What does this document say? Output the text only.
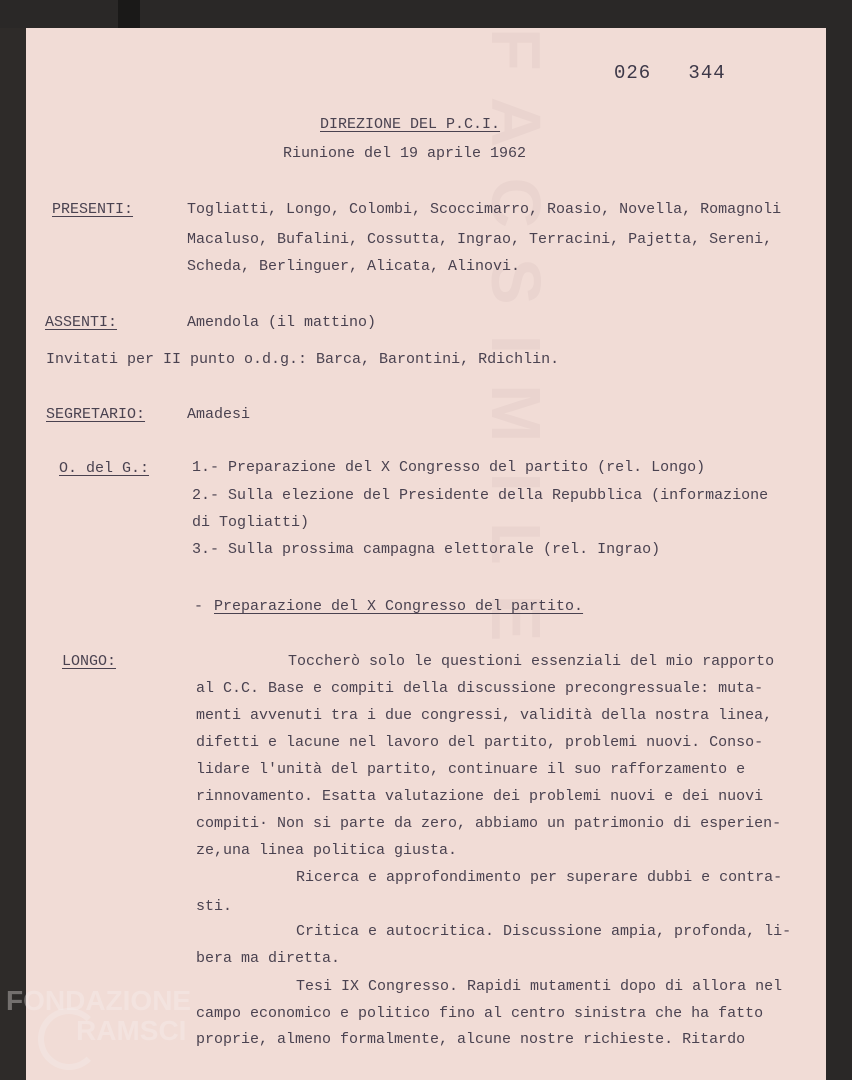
FACSIMILE	026   344
DIREZIONE DEL P.C.I.
Riunione del 19 aprile 1962
PRESENTI:	Togliatti, Longo, Colombi, Scoccimarro, Roasio, Novella, Romagnoli
Macaluso, Bufalini, Cossutta, Ingrao, Terracini, Pajetta, Sereni,
Scheda, Berlinguer, Alicata, Alinovi.
ASSENTI:	Amendola (il mattino)
Invitati per II punto o.d.g.: Barca, Barontini, Rdichlin.
SEGRETARIO:	Amadesi
O. del G.:	1.- Preparazione del X Congresso del partito (rel. Longo)
2.- Sulla elezione del Presidente della Repubblica (informazione
di Togliatti)
3.- Sulla prossima campagna elettorale (rel. Ingrao)
- Preparazione del X Congresso del partito.
LONGO:	Toccherò solo le questioni essenziali del mio rapporto
al C.C. Base e compiti della discussione precongressuale: muta-
menti avvenuti tra i due congressi, validità della nostra linea,
difetti e lacune nel lavoro del partito, problemi nuovi. Conso-
lidare l'unità del partito, continuare il suo rafforzamento e
rinnovamento. Esatta valutazione dei problemi nuovi e dei nuovi
compiti· Non si parte da zero, abbiamo un patrimonio di esperien-
ze,una linea politica giusta.
Ricerca e approfondimento per superare dubbi e contra-
sti.
Critica e autocritica. Discussione ampia, profonda, li-
bera ma diretta.
Tesi IX Congresso. Rapidi mutamenti dopo di allora nel
campo economico e politico fino al centro sinistra che ha fatto
proprie, almeno formalmente, alcune nostre richieste. Ritardo
FONDAZIONE
RAMSCI
